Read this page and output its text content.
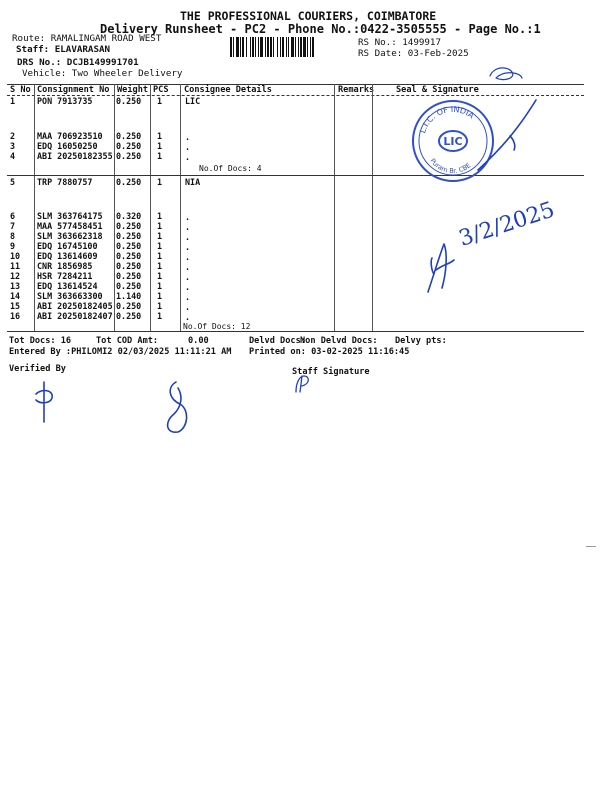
THE PROFESSIONAL COURIERS, COIMBATORE
Delivery Runsheet - PC2 - Phone No.:0422-3505555 - Page No.:1
Route: RAMALINGAM ROAD WEST
Staff: ELAVARASAN
DRS No.: DCJB149991701
Vehicle: Two Wheeler Delivery
RS No.: 1499917
RS Date: 03-Feb-2025
S No Consignment No Weight PCS Consignee Details	Remarks	Seal & Signature
1	PON 7913735	0.250 1	LIC
2	MAA 706923510 0.250 1	.
3	EDQ 16050250 0.250 1	.
4	ABI 20250182355 0.250 1	.
5	TRP 7880757	0.250 1	NIA
6	SLM 363764175 0.320 1	.
7	MAA 577458451 0.250 1	.
8	SLM 363662318 0.250 1	.
9	EDQ 16745100 0.250 1	.
10 EDQ 13614609 0.250 1	.
11 CNR 1856985	0.250 1	.
12 HSR 7284211	0.250 1	.
13 EDQ 13614524 0.250 1	.
14 SLM 363663300 1.140 1	.
15 ABI 20250182405 0.250 1	.
16 ABI 20250182407 0.250 1	.
No.Of Docs: 4
No.Of Docs: 12
Tot Docs: 16	Tot COD Amt:	0.00	Delvd Docs:
Non Delvd Docs: Delvy pts:
Entered By :PHILOMI2 02/03/2025 11:11:21 AM Printed on: 03-02-2025 11:16:45
Verified By	Staff Signature
L.I.C. OF INDIA
Puram Br. CBE
LIC
3/2/2025
